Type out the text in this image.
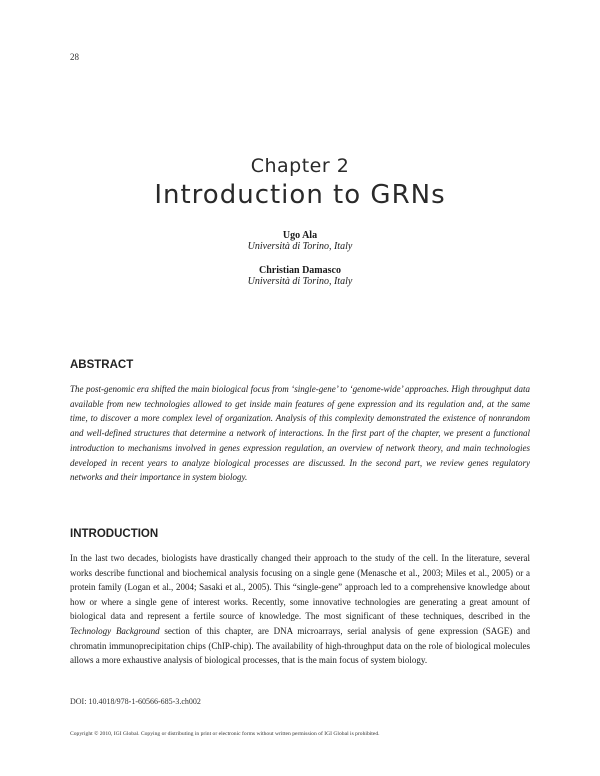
28
Chapter 2
Introduction to GRNs
Ugo Ala
Università di Torino, Italy
Christian Damasco
Università di Torino, Italy
ABSTRACT

The post-genomic era shifted the main biological focus from ‘single-gene’ to ‘genome-wide’ approaches. High throughput data available from new technologies allowed to get inside main features of gene expression and its regulation and, at the same time, to discover a more complex level of organization. Analysis of this complexity demonstrated the existence of nonrandom and well-defined structures that determine a network of interactions. In the first part of the chapter, we present a functional introduction to mechanisms involved in genes expression regulation, an overview of network theory, and main technologies developed in recent years to analyze biological processes are discussed. In the second part, we review genes regulatory networks and their importance in system biology.

INTRODUCTION

In the last two decades, biologists have drastically changed their approach to the study of the cell. In the literature, several works describe functional and biochemical analysis focusing on a single gene (Menasche et al., 2003; Miles et al., 2005) or a protein family (Logan et al., 2004; Sasaki et al., 2005). This “single-gene” approach led to a comprehensive knowledge about how or where a single gene of interest works. Recently, some innovative technologies are generating a great amount of biological data and represent a fertile source of knowledge. The most significant of these techniques, described in the Technology Background section of this chapter, are DNA microarrays, serial analysis of gene expression (SAGE) and chromatin immunoprecipitation chips (ChIP-chip). The availability of high-throughput data on the role of biological molecules allows a more exhaustive analysis of biological processes, that is the main focus of system biology.

DOI: 10.4018/978-1-60566-685-3.ch002
Copyright © 2010, IGI Global. Copying or distributing in print or electronic forms without written permission of IGI Global is prohibited.
